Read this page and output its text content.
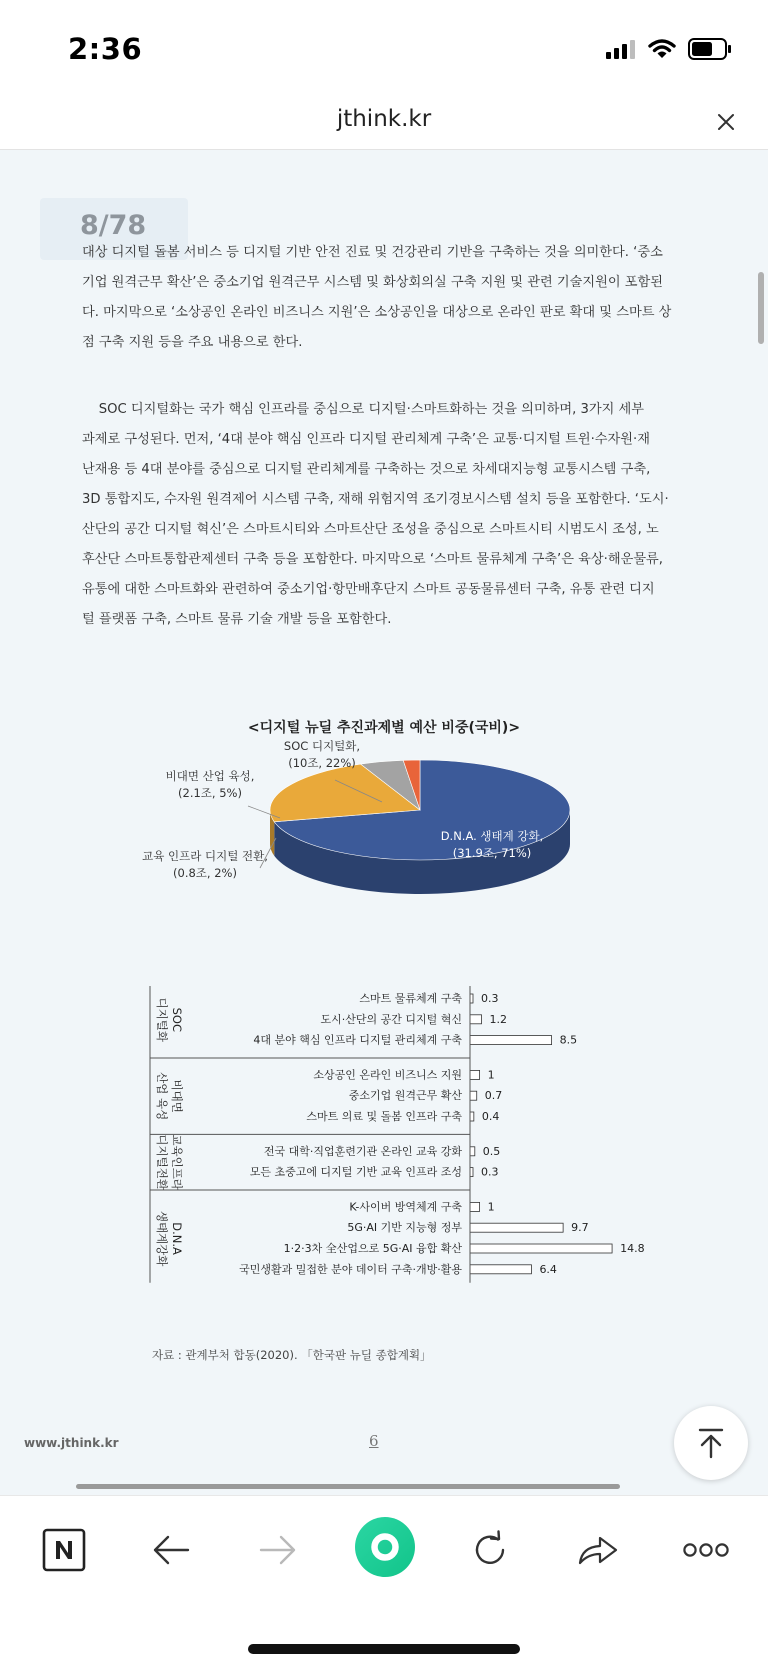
2:36
jthink.kr
8/78
대상 디지털 돌봄 서비스 등 디지털 기반 안전 진료 및 건강관리 기반을 구축하는 것을 의미한다. ‘중소
기업 원격근무 확산’은 중소기업 원격근무 시스템 및 화상회의실 구축 지원 및 관련 기술지원이 포함된
다. 마지막으로 ‘소상공인 온라인 비즈니스 지원’은 소상공인을 대상으로 온라인 판로 확대 및 스마트 상
점 구축 지원 등을 주요 내용으로 한다.
SOC 디지털화는 국가 핵심 인프라를 중심으로 디지털·스마트화하는 것을 의미하며, 3가지 세부
과제로 구성된다. 먼저, ‘4대 분야 핵심 인프라 디지털 관리체계 구축’은 교통·디지털 트윈·수자원·재
난재용 등 4대 분야를 중심으로 디지털 관리체계를 구축하는 것으로 차세대지능형 교통시스템 구축,
3D 통합지도, 수자원 원격제어 시스템 구축, 재해 위험지역 조기경보시스템 설치 등을 포함한다. ‘도시·
산단의 공간 디지털 혁신’은 스마트시티와 스마트산단 조성을 중심으로 스마트시티 시범도시 조성, 노
후산단 스마트통합관제센터 구축 등을 포함한다. 마지막으로 ‘스마트 물류체계 구축’은 육상·해운물류,
유통에 대한 스마트화와 관련하여 중소기업·항만배후단지 스마트 공동물류센터 구축, 유통 관련 디지
털 플랫폼 구축, 스마트 물류 기술 개발 등을 포함한다.
<디지털 뉴딜 추진과제별 예산 비중(국비)>
D.N.A. 생태계 강화,
(31.9조, 71%)
SOC 디지털화,
(10조, 22%)
비대면 산업 육성,
(2.1조, 5%)
교육 인프라 디지털 전환,
(0.8조, 2%)
스마트 물류체계 구축 0.3
도시·산단의 공간 디지털 혁신	1.2
4대 분야 핵심 인프라 디지털 관리체계 구축	8.5
SOC디지털화
소상공인 온라인 비즈니스 지원 1
중소기업 원격근무 확산 0.7
스마트 의료 및 돌봄 인프라 구축 0.4
비대면산업 육성
전국 대학·직업훈련기관 온라인 교육 강화 0.5
모든 초중고에 디지털 기반 교육 인프라 조성 0.3
교육인프라디지털전환
K-사이버 방역체계 구축 1
5G·AI 기반 지능형 정부	9.7
1·2·3차 全산업으로 5G·AI 융합 확산	14.8
국민생활과 밀접한 분야 데이터 구축·개방·활용	6.4
D.N.A생태계강화
자료 : 관계부처 합동(2020). 「한국판 뉴딜 종합계획」
www.jthink.kr	6
